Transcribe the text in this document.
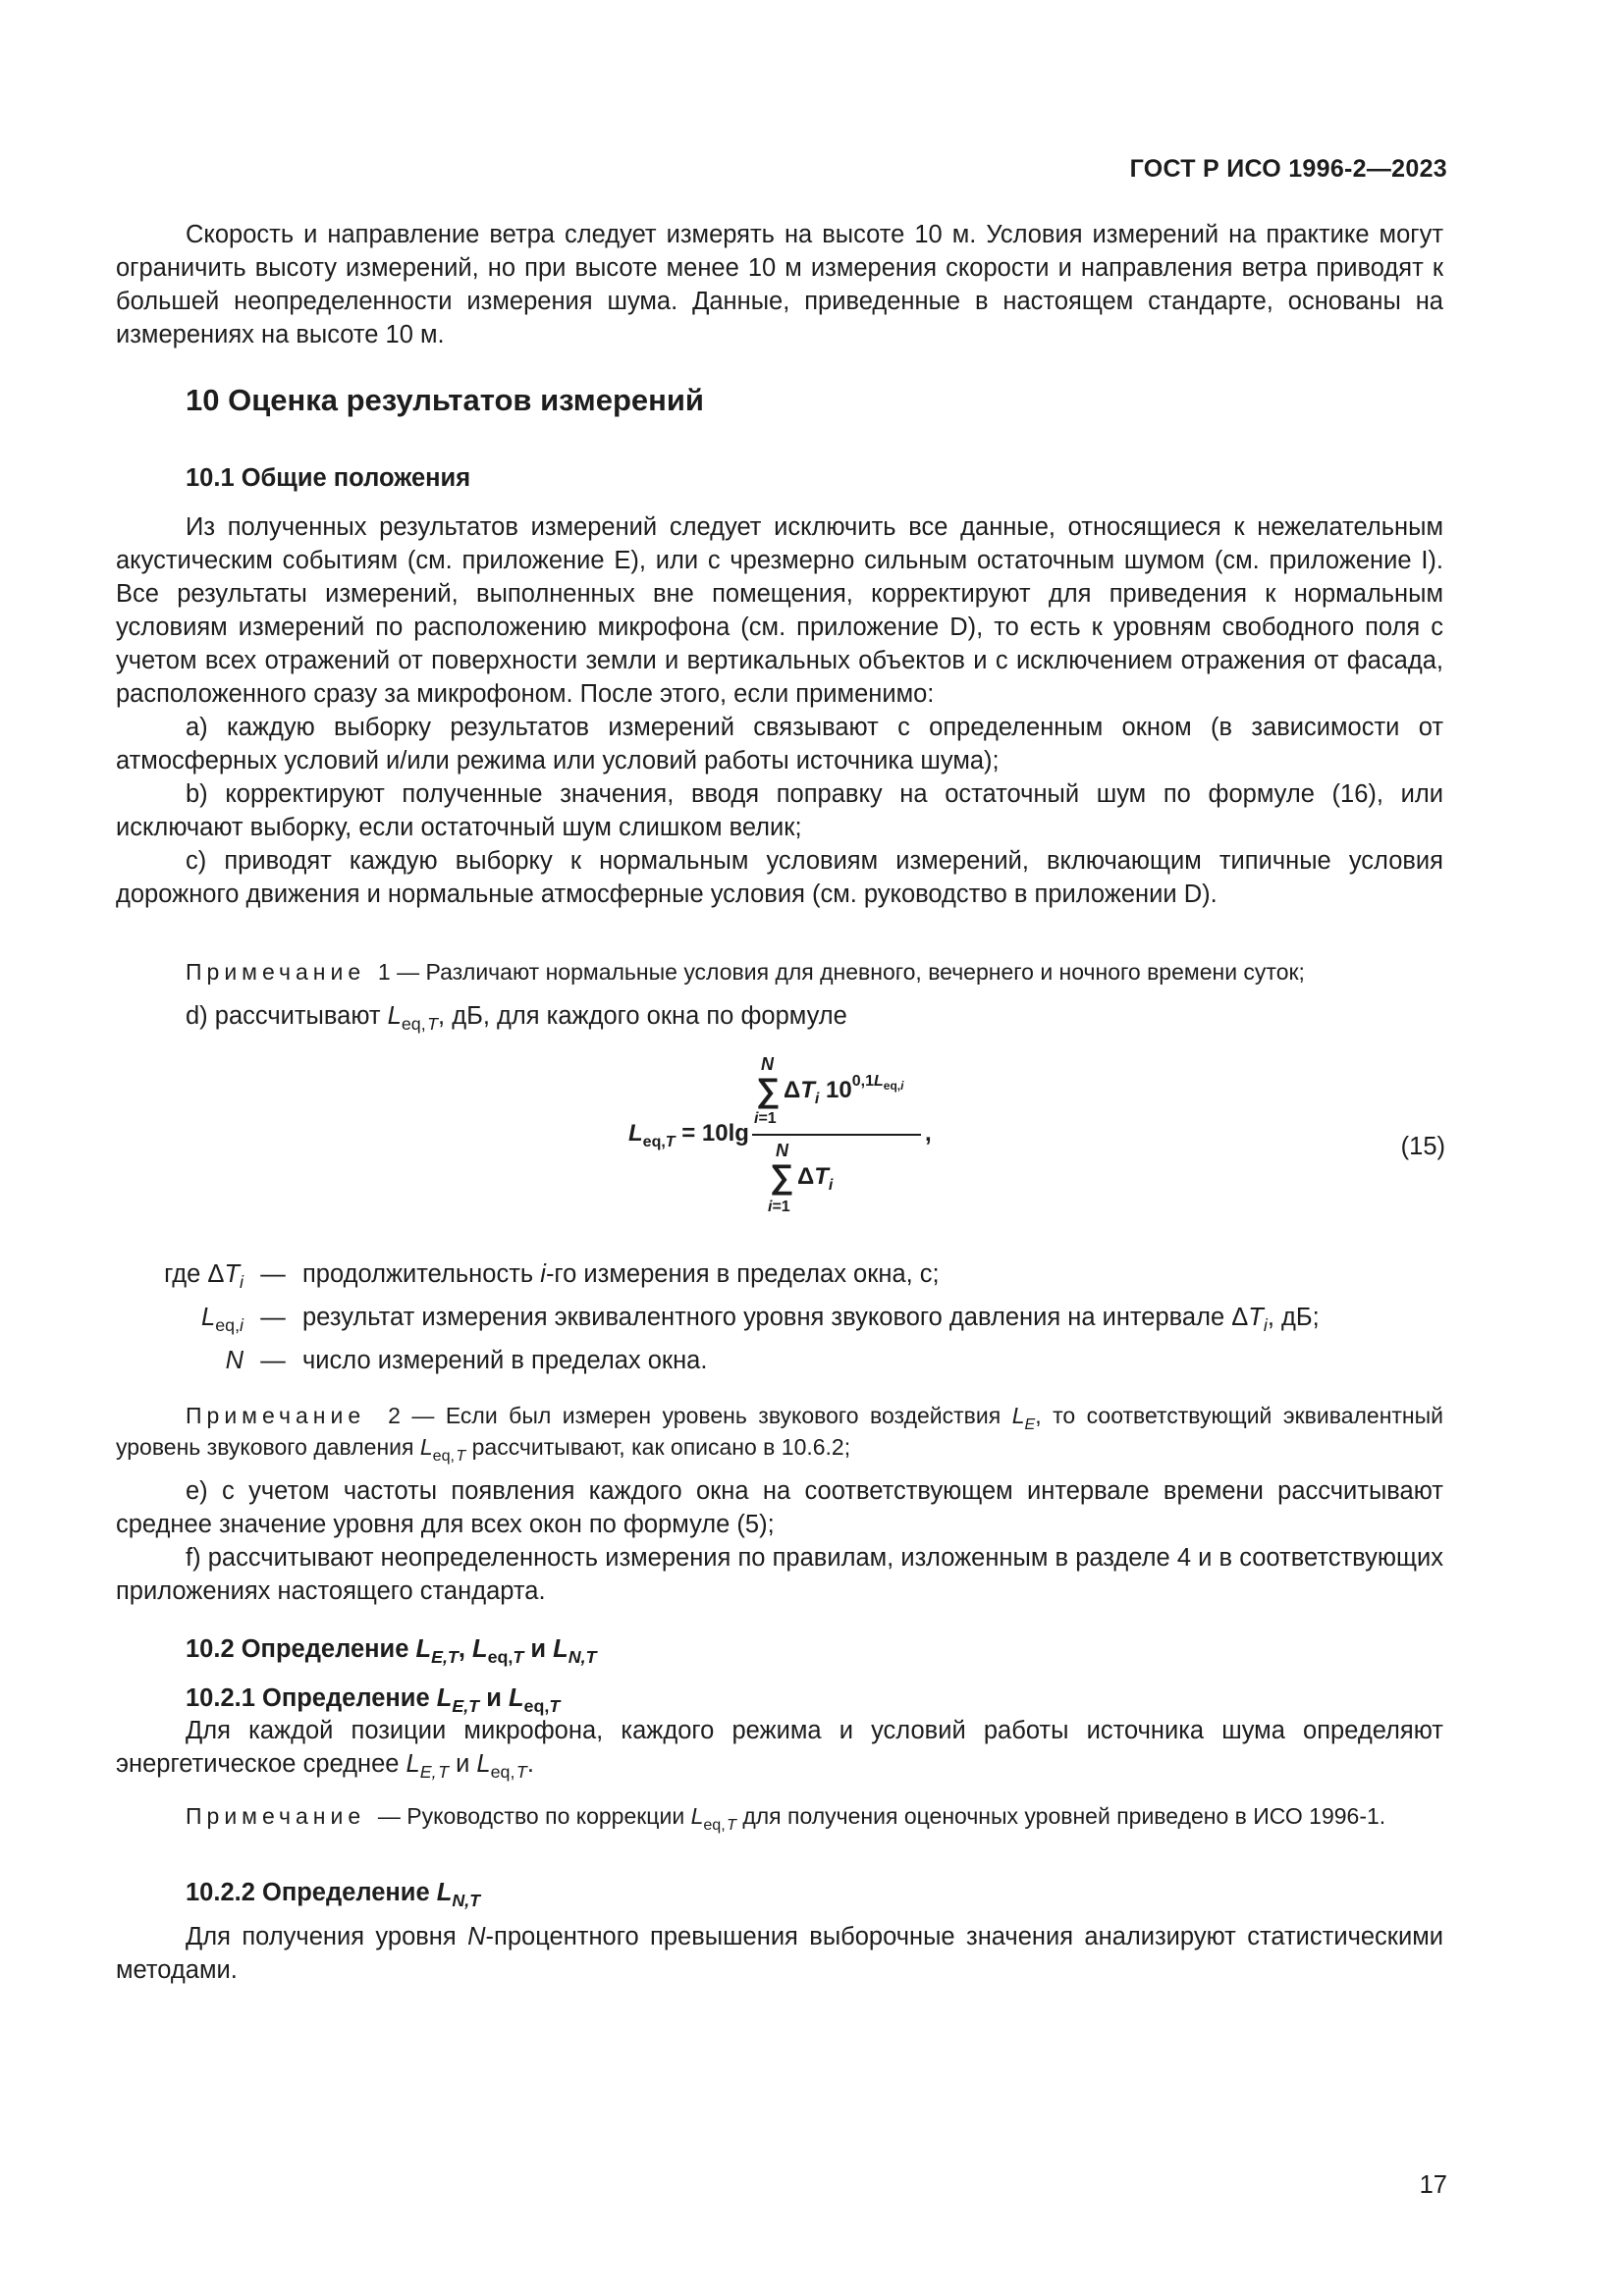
ГОСТ Р ИСО 1996-2—2023

Скорость и направление ветра следует измерять на высоте 10 м. Условия измерений на практике могут ограничить высоту измерений, но при высоте менее 10 м измерения скорости и направления ветра приводят к большей неопределенности измерения шума. Данные, приведенные в настоящем стандарте, основаны на измерениях на высоте 10 м.

10 Оценка результатов измерений
10.1 Общие положения

Из полученных результатов измерений следует исключить все данные, относящиеся к нежелательным акустическим событиям (см. приложение E), или с чрезмерно сильным остаточным шумом (см. приложение I). Все результаты измерений, выполненных вне помещения, корректируют для приведения к нормальным условиям измерений по расположению микрофона (см. приложение D), то есть к уровням свободного поля с учетом всех отражений от поверхности земли и вертикальных объектов и с исключением отражения от фасада, расположенного сразу за микрофоном. После этого, если применимо:

a) каждую выборку результатов измерений связывают с определенным окном (в зависимости от атмосферных условий и/или режима или условий работы источника шума);

b) корректируют полученные значения, вводя поправку на остаточный шум по формуле (16), или исключают выборку, если остаточный шум слишком велик;

c) приводят каждую выборку к нормальным условиям измерений, включающим типичные условия дорожного движения и нормальные атмосферные условия (см. руководство в приложении D).

Примечание 1 — Различают нормальные условия для дневного, вечернего и ночного времени суток;

d) рассчитывают $L_{eq, T}$, дБ, для каждого окна по формуле

N
∑ $\Delta T_i$ 10$^{0,1}$Leq,i
i=1
$L_{eq,}T = 10\lg$	,
N
∑ $\Delta T_i$
i=1
(15)
где $\Delta T_i$ — продолжительность i-го измерения в пределах окна, с;
$L_{eq,i}$ — результат измерения эквивалентного уровня звукового давления на интервале $\Delta T_i$, дБ;
N — число измерений в пределах окна.
Примечание 2 — Если был измерен уровень звукового воздействия $L_E$, то соответствующий эквивалентный уровень звукового давления $L_{eq, T}$ рассчитывают, как описано в 10.6.2;

e) с учетом частоты появления каждого окна на соответствующем интервале времени рассчитывают среднее значение уровня для всех окон по формуле (5);

f) рассчитывают неопределенность измерения по правилам, изложенным в разделе 4 и в соответствующих приложениях настоящего стандарта.

10.2 Определение $L_{E,T}$, $L_{eq,T}$ и $L_{N,T}$
10.2.1 Определение $L_{E,T}$ и $L_{eq,T}$

Для каждой позиции микрофона, каждого режима и условий работы источника шума определяют энергетическое среднее $L_{E, T}$ и $L_{eq, T}$.

Примечание — Руководство по коррекции $L_{eq, T}$ для получения оценочных уровней приведено в ИСО 1996-1.
10.2.2 Определение $L_{N,T}$

Для получения уровня N-процентного превышения выборочные значения анализируют статистическими методами.

17
